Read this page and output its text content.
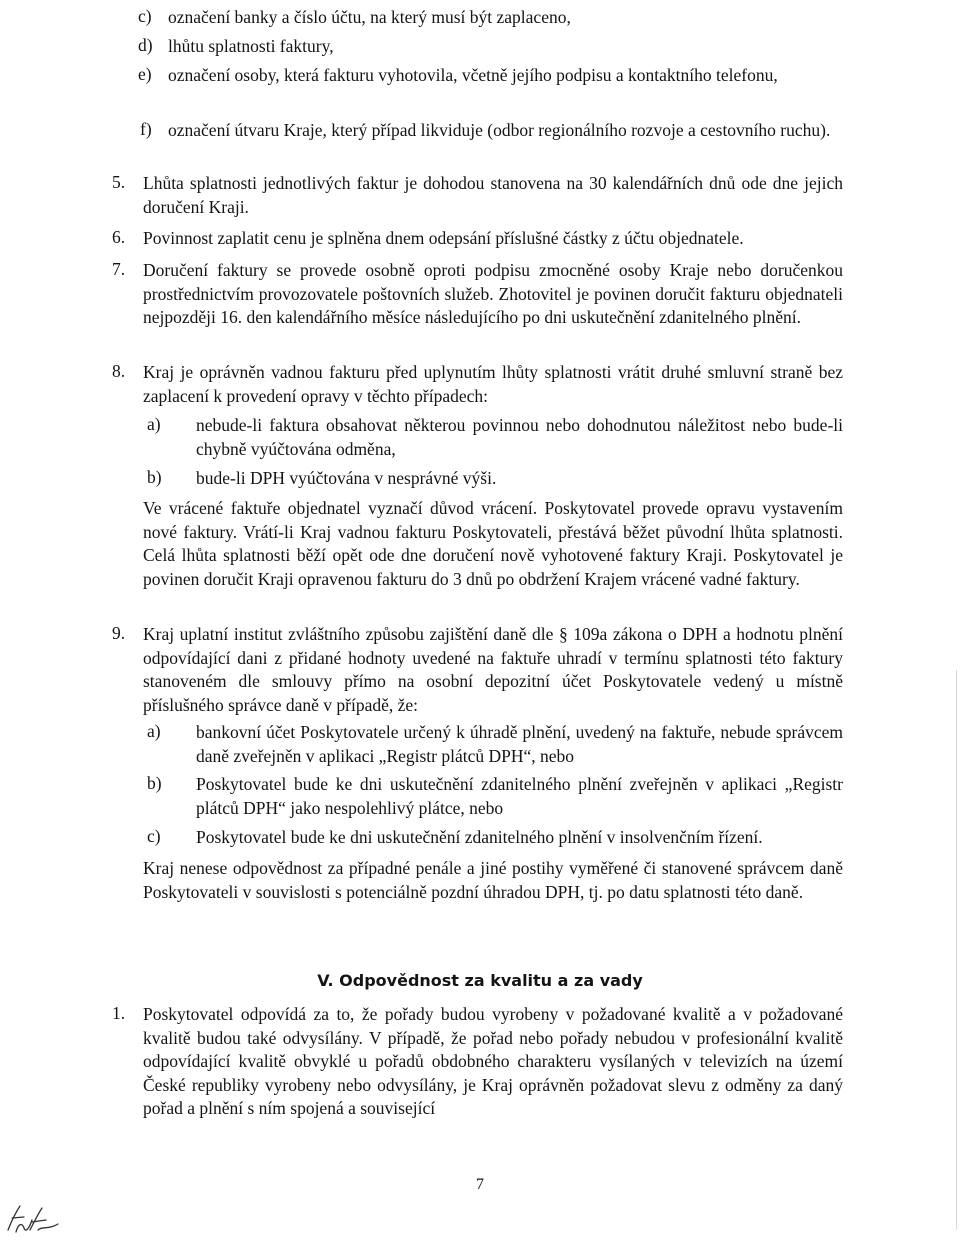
c) označení banky a číslo účtu, na který musí být zaplaceno,
d) lhůtu splatnosti faktury,
e) označení osoby, která fakturu vyhotovila, včetně jejího podpisu a kontaktního telefonu,
f) označení útvaru Kraje, který případ likviduje (odbor regionálního rozvoje a cestovního ruchu).
5. Lhůta splatnosti jednotlivých faktur je dohodou stanovena na 30 kalendářních dnů ode dne jejich doručení Kraji.
6. Povinnost zaplatit cenu je splněna dnem odepsání příslušné částky z účtu objednatele.
7. Doručení faktury se provede osobně oproti podpisu zmocněné osoby Kraje nebo doručenkou prostřednictvím provozovatele poštovních služeb. Zhotovitel je povinen doručit fakturu objednateli nejpozději 16. den kalendářního měsíce následujícího po dni uskutečnění zdanitelného plnění.
8. Kraj je oprávněn vadnou fakturu před uplynutím lhůty splatnosti vrátit druhé smluvní straně bez zaplacení k provedení opravy v těchto případech:
a) nebude-li faktura obsahovat některou povinnou nebo dohodnutou náležitost nebo bude-li chybně vyúčtována odměna,
b) bude-li DPH vyúčtována v nesprávné výši.
Ve vrácené faktuře objednatel vyznačí důvod vrácení. Poskytovatel provede opravu vystavením nové faktury. Vrátí-li Kraj vadnou fakturu Poskytovateli, přestává běžet původní lhůta splatnosti. Celá lhůta splatnosti běží opět ode dne doručení nově vyhotovené faktury Kraji. Poskytovatel je povinen doručit Kraji opravenou fakturu do 3 dnů po obdržení Krajem vrácené vadné faktury.
9. Kraj uplatní institut zvláštního způsobu zajištění daně dle § 109a zákona o DPH a hodnotu plnění odpovídající dani z přidané hodnoty uvedené na faktuře uhradí v termínu splatnosti této faktury stanoveném dle smlouvy přímo na osobní depozitní účet Poskytovatele vedený u místně příslušného správce daně v případě, že:
a) bankovní účet Poskytovatele určený k úhradě plnění, uvedený na faktuře, nebude správcem daně zveřejněn v aplikaci „Registr plátců DPH“, nebo
b) Poskytovatel bude ke dni uskutečnění zdanitelného plnění zveřejněn v aplikaci „Registr plátců DPH“ jako nespolehlivý plátce, nebo
c) Poskytovatel bude ke dni uskutečnění zdanitelného plnění v insolvenčním řízení.
Kraj nenese odpovědnost za případné penále a jiné postihy vyměřené či stanovené správcem daně Poskytovateli v souvislosti s potenciálně pozdní úhradou DPH, tj. po datu splatnosti této daně.
V. Odpovědnost za kvalitu a za vady
1. Poskytovatel odpovídá za to, že pořady budou vyrobeny v požadované kvalitě a v požadované kvalitě budou také odvysílány. V případě, že pořad nebo pořady nebudou v profesionální kvalitě odpovídající kvalitě obvyklé u pořadů obdobného charakteru vysílaných v televizích na území České republiky vyrobeny nebo odvysílány, je Kraj oprávněn požadovat slevu z odměny za daný pořad a plnění s ním spojená a související
7
